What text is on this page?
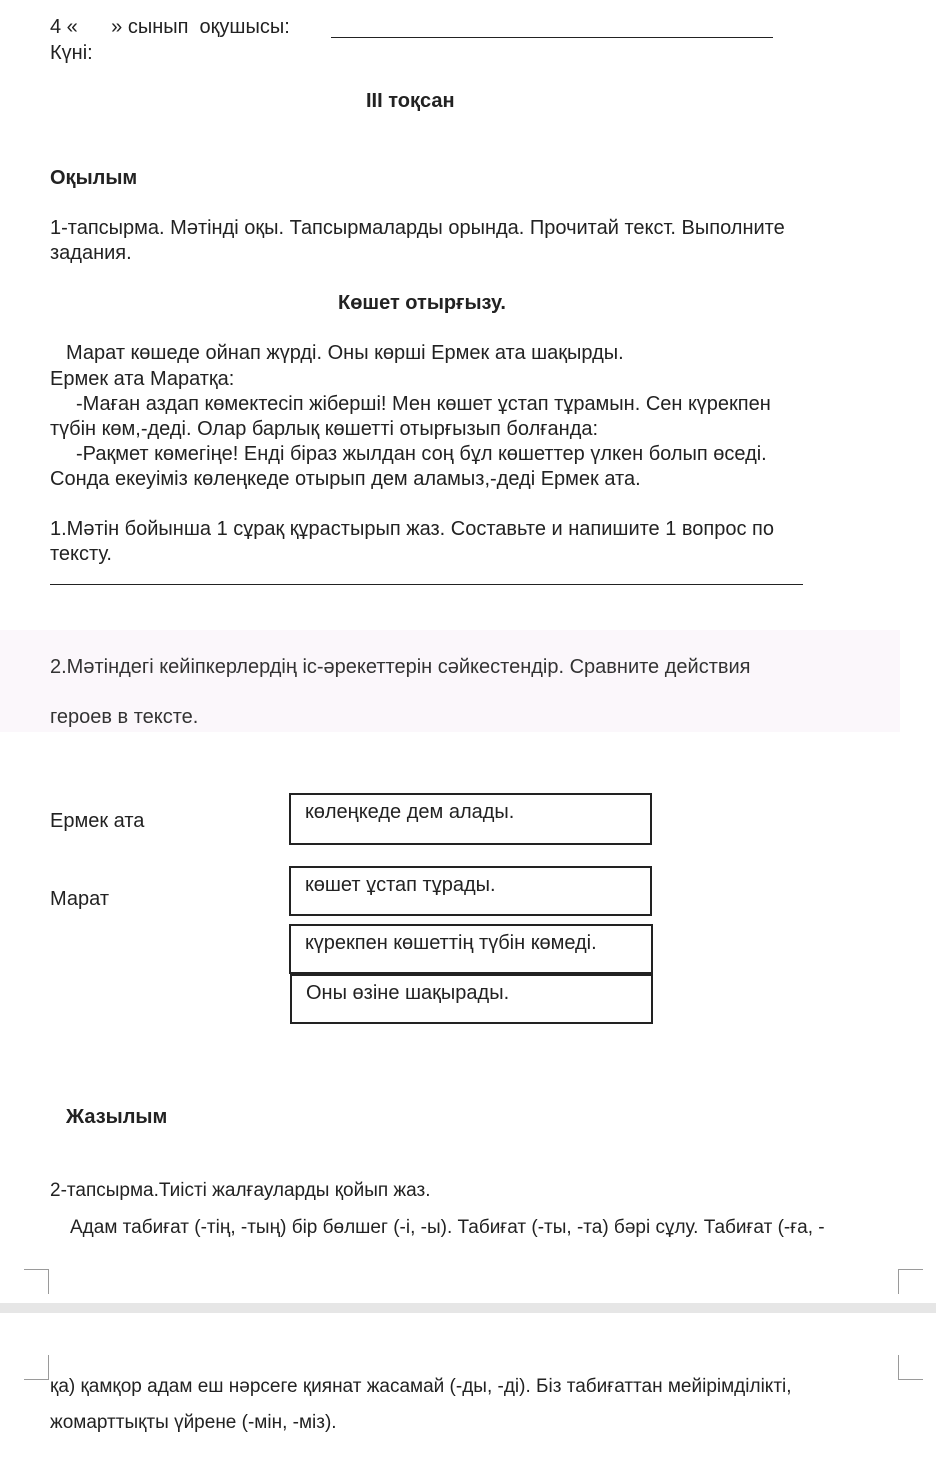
4 «      » сынып  оқушысы:
Күні:
III тоқсан
Оқылым
1-тапсырма. Мәтінді оқы. Тапсырмаларды орында. Прочитай текст. Выполните
задания.
Көшет отырғызу.
Марат көшеде ойнап жүрді. Оны көрші Ермек ата шақырды.
Ермек ата Маратқа:
-Маған аздап көмектесіп жіберші! Мен көшет ұстап тұрамын. Сен күрекпен
түбін көм,-деді. Олар барлық көшетті отырғызып болғанда:
-Рақмет көмегіңе! Енді біраз жылдан соң бұл көшеттер үлкен болып өседі.
Сонда екеуіміз көлеңкеде отырып дем аламыз,-деді Ермек ата.
1.Мәтін бойынша 1 сұрақ құрастырып жаз. Составьте и напишите 1 вопрос по
тексту.
2.Мәтіндегі кейіпкерлердің іс-әрекеттерін сәйкестендір. Сравните действия
героев в тексте.
Ермек ата
Марат
көлеңкеде дем алады.
көшет ұстап тұрады.
күрекпен көшеттің түбін көмеді.
Оны өзіне шақырады.
Жазылым
2-тапсырма.Тиісті жалғауларды қойып жаз.
Адам табиғат (-тің, -тың) бір бөлшег (-і, -ы). Табиғат (-ты, -та) бәрі сұлу. Табиғат (-ға, -
қа) қамқор адам еш нәрсеге қиянат жасамай (-ды, -ді). Біз табиғаттан мейірімділікті,
жомарттықты үйрене (-мін, -міз).
